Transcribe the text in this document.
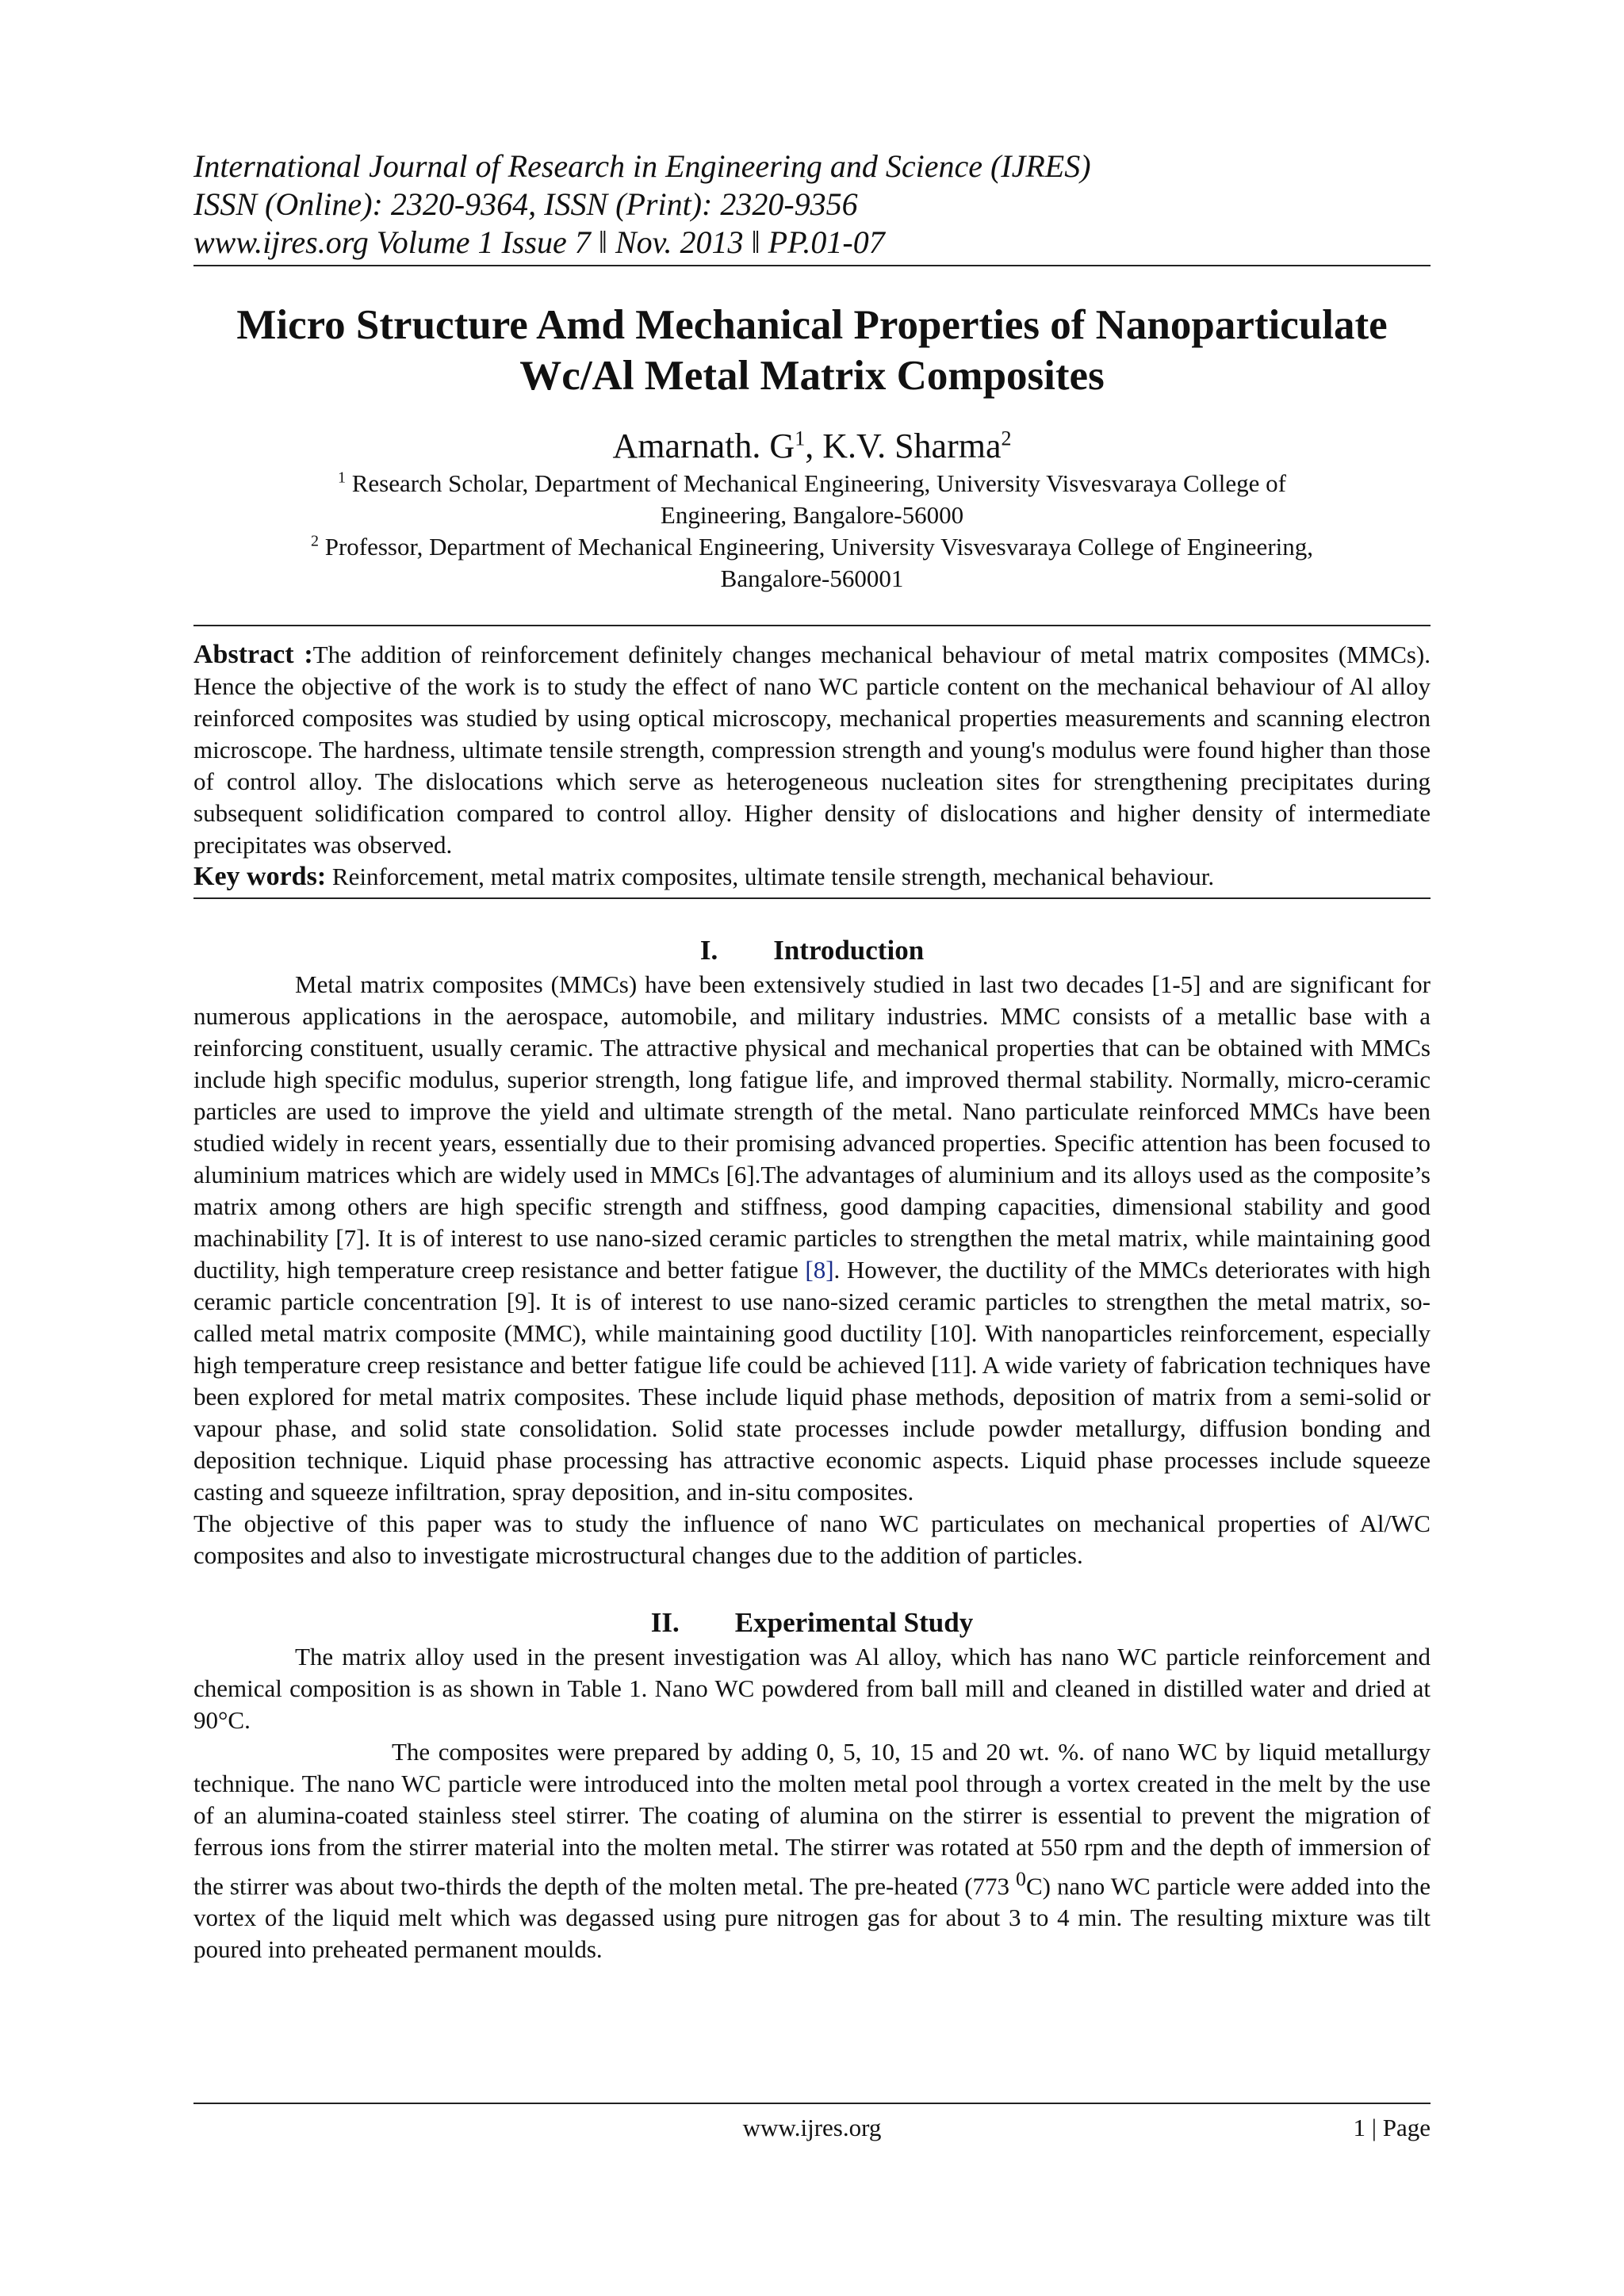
International Journal of Research in Engineering and Science (IJRES)
ISSN (Online): 2320-9364, ISSN (Print): 2320-9356
www.ijres.org Volume 1 Issue 7 ǁ Nov. 2013 ǁ PP.01-07
Micro Structure Amd Mechanical Properties of Nanoparticulate Wc/Al Metal Matrix Composites
Amarnath. $G^1$, K.V. Sharma$^2$
$^1$ Research Scholar, Department of Mechanical Engineering, University Visvesvaraya College of Engineering, Bangalore-56000
$^2$ Professor, Department of Mechanical Engineering, University Visvesvaraya College of Engineering, Bangalore-560001

Abstract :The addition of reinforcement definitely changes mechanical behaviour of metal matrix composites (MMCs). Hence the objective of the work is to study the effect of nano WC particle content on the mechanical behaviour of Al alloy reinforced composites was studied by using optical microscopy, mechanical properties measurements and scanning electron microscope. The hardness, ultimate tensile strength, compression strength and young's modulus were found higher than those of control alloy. The dislocations which serve as heterogeneous nucleation sites for strengthening precipitates during subsequent solidification compared to control alloy. Higher density of dislocations and higher density of intermediate precipitates was observed.

Key words: Reinforcement, metal matrix composites, ultimate tensile strength, mechanical behaviour.

I. Introduction

Metal matrix composites (MMCs) have been extensively studied in last two decades [1-5] and are significant for numerous applications in the aerospace, automobile, and military industries. MMC consists of a metallic base with a reinforcing constituent, usually ceramic. The attractive physical and mechanical properties that can be obtained with MMCs include high specific modulus, superior strength, long fatigue life, and improved thermal stability. Normally, micro-ceramic particles are used to improve the yield and ultimate strength of the metal. Nano particulate reinforced MMCs have been studied widely in recent years, essentially due to their promising advanced properties. Specific attention has been focused to aluminium matrices which are widely used in MMCs [6].The advantages of aluminium and its alloys used as the composite’s matrix among others are high specific strength and stiffness, good damping capacities, dimensional stability and good machinability [7]. It is of interest to use nano-sized ceramic particles to strengthen the metal matrix, while maintaining good ductility, high temperature creep resistance and better fatigue [8]. However, the ductility of the MMCs deteriorates with high ceramic particle concentration [9]. It is of interest to use nano-sized ceramic particles to strengthen the metal matrix, so-called metal matrix composite (MMC), while maintaining good ductility [10]. With nanoparticles reinforcement, especially high temperature creep resistance and better fatigue life could be achieved [11]. A wide variety of fabrication techniques have been explored for metal matrix composites. These include liquid phase methods, deposition of matrix from a semi-solid or vapour phase, and solid state consolidation. Solid state processes include powder metallurgy, diffusion bonding and deposition technique. Liquid phase processing has attractive economic aspects. Liquid phase processes include squeeze casting and squeeze infiltration, spray deposition, and in-situ composites.

The objective of this paper was to study the influence of nano WC particulates on mechanical properties of Al/WC composites and also to investigate microstructural changes due to the addition of particles.

II. Experimental Study

The matrix alloy used in the present investigation was Al alloy, which has nano WC particle reinforcement and chemical composition is as shown in Table 1. Nano WC powdered from ball mill and cleaned in distilled water and dried at 90°C.

The composites were prepared by adding 0, 5, 10, 15 and 20 wt. %. of nano WC by liquid metallurgy technique. The nano WC particle were introduced into the molten metal pool through a vortex created in the melt by the use of an alumina-coated stainless steel stirrer. The coating of alumina on the stirrer is essential to prevent the migration of ferrous ions from the stirrer material into the molten metal. The stirrer was rotated at 550 rpm and the depth of immersion of the stirrer was about two-thirds the depth of the molten metal. The pre-heated (773 $^0$C) nano WC particle were added into the vortex of the liquid melt which was degassed using pure nitrogen gas for about 3 to 4 min. The resulting mixture was tilt poured into preheated permanent moulds.

www.ijres.org	1 | Page
